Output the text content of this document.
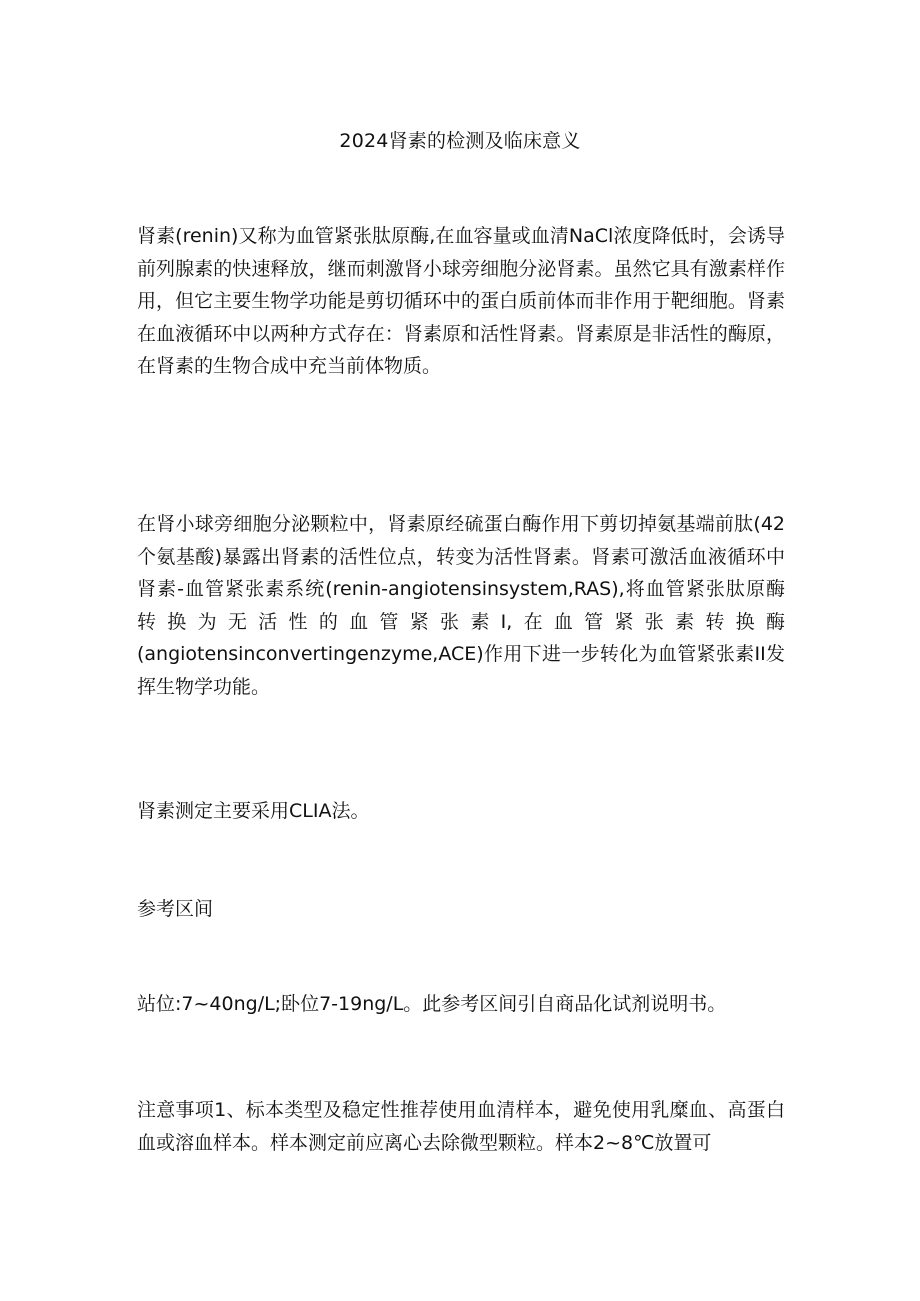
2024肾素的检测及临床意义
肾素(renin)又称为血管紧张肽原酶,在血容量或血清NaCl浓度降低时，会诱导前列腺素的快速释放，继而刺激肾小球旁细胞分泌肾素。虽然它具有激素样作用，但它主要生物学功能是剪切循环中的蛋白质前体而非作用于靶细胞。肾素在血液循环中以两种方式存在：肾素原和活性肾素。肾素原是非活性的酶原，在肾素的生物合成中充当前体物质。
在肾小球旁细胞分泌颗粒中，肾素原经硫蛋白酶作用下剪切掉氨基端前肽(42个氨基酸)暴露出肾素的活性位点，转变为活性肾素。肾素可激活血液循环中肾素-血管紧张素系统(renin-angiotensinsystem,RAS),将血管紧张肽原酶转换为无活性的血管紧张素I,在血管紧张素转换酶(angiotensinconvertingenzyme,ACE)作用下进一步转化为血管紧张素II发挥生物学功能。
肾素测定主要采用CLIA法。
参考区间
站位:7~40ng∕L;卧位7-19ng∕L。此参考区间引自商品化试剂说明书。
注意事项1、标本类型及稳定性推荐使用血清样本，避免使用乳糜血、高蛋白血或溶血样本。样本测定前应离心去除微型颗粒。样本2~8℃放置可
